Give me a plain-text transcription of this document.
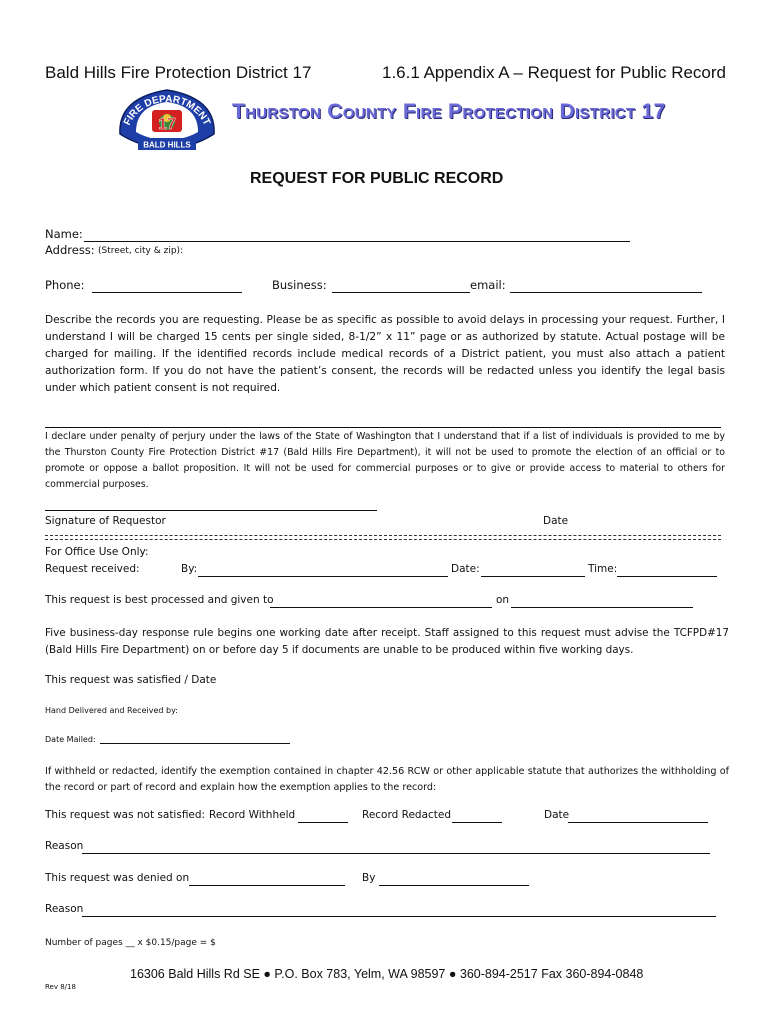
Bald Hills Fire Protection District 17	1.6.1 Appendix A – Request for Public Record
FIRE DEPARTMENT
17
BALD HILLS
Thurston County Fire Protection District 17
REQUEST FOR PUBLIC RECORD
Name:
Address: (Street, city & zip):
Phone:	Business:	email:
Describe the records you are requesting. Please be as specific as possible to avoid delays in processing your request. Further, I understand I will be charged 15 cents per single sided, 8-1/2” x 11” page or as authorized by statute. Actual postage will be charged for mailing. If the identified records include medical records of a District patient, you must also attach a patient authorization form. If you do not have the patient’s consent, the records will be redacted unless you identify the legal basis under which patient consent is not required.
I declare under penalty of perjury under the laws of the State of Washington that I understand that if a list of individuals is provided to me by the Thurston County Fire Protection District #17 (Bald Hills Fire Department), it will not be used to promote the election of an official or to promote or oppose a ballot proposition. It will not be used for commercial purposes or to give or provide access to material to others for commercial purposes.
Signature of Requestor	Date
For Office Use Only:
Request received:	By:	Date:	Time:
This request is best processed and given to	on
Five business-day response rule begins one working date after receipt. Staff assigned to this request must advise the TCFPD#17 (Bald Hills Fire Department) on or before day 5 if documents are unable to be produced within five working days.
This request was satisfied / Date
Hand Delivered and Received by:
Date Mailed:
If withheld or redacted, identify the exemption contained in chapter 42.56 RCW or other applicable statute that authorizes the withholding of the record or part of record and explain how the exemption applies to the record:
This request was not satisfied: Record Withheld	Record Redacted	Date
Reason
This request was denied on	By
Reason
Number of pages __ x $0.15/page = $
16306 Bald Hills Rd SE ● P.O. Box 783, Yelm, WA 98597 ● 360-894-2517 Fax 360-894-0848
Rev 8/18
